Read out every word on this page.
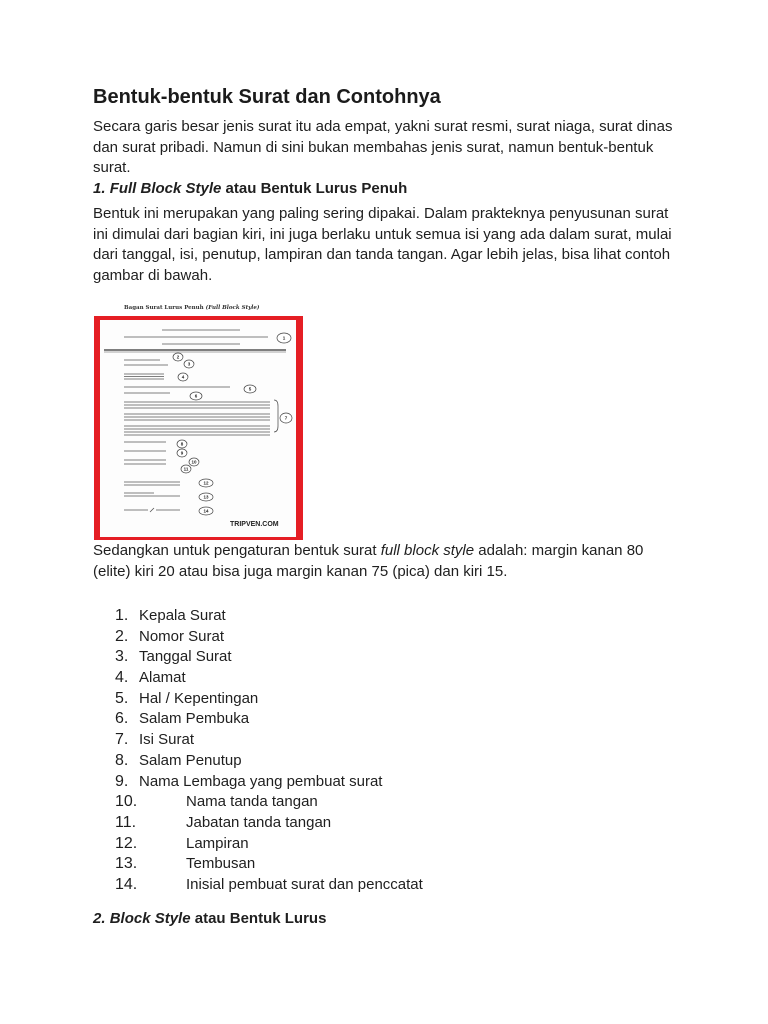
Bentuk-bentuk Surat dan Contohnya

Secara garis besar jenis surat itu ada empat, yakni surat resmi, surat niaga, surat dinas dan surat pribadi. Namun di sini bukan membahas jenis surat, namun bentuk-bentuk surat.

1. Full Block Style atau Bentuk Lurus Penuh

Bentuk ini merupakan yang paling sering dipakai. Dalam prakteknya penyusunan surat ini dimulai dari bagian kiri, ini juga berlaku untuk semua isi yang ada dalam surat, mulai dari tanggal, isi, penutup, lampiran dan tanda tangan. Agar lebih jelas, bisa lihat contoh gambar di bawah.

Sedangkan untuk pengaturan bentuk surat full block style adalah: margin kanan 80 (elite) kiri 20 atau bisa juga margin kanan 75 (pica) dan kiri 15.

1. Kepala Surat
2. Nomor Surat
3. Tanggal Surat
4. Alamat
5. Hal / Kepentingan
6. Salam Pembuka
7. Isi Surat
8. Salam Penutup
9. Nama Lembaga yang pembuat surat
10.	Nama tanda tangan
11.	Jabatan tanda tangan
12.	Lampiran
13.	Tembusan
14.	Inisial pembuat surat dan penccatat

2. Block Style atau Bentuk Lurus

Bagan Surat Lurus Penuh (Full Block Style)
1
2
3
4
5
6
7
8
9
10
11
12
13
14
TRIPVEN.COM
